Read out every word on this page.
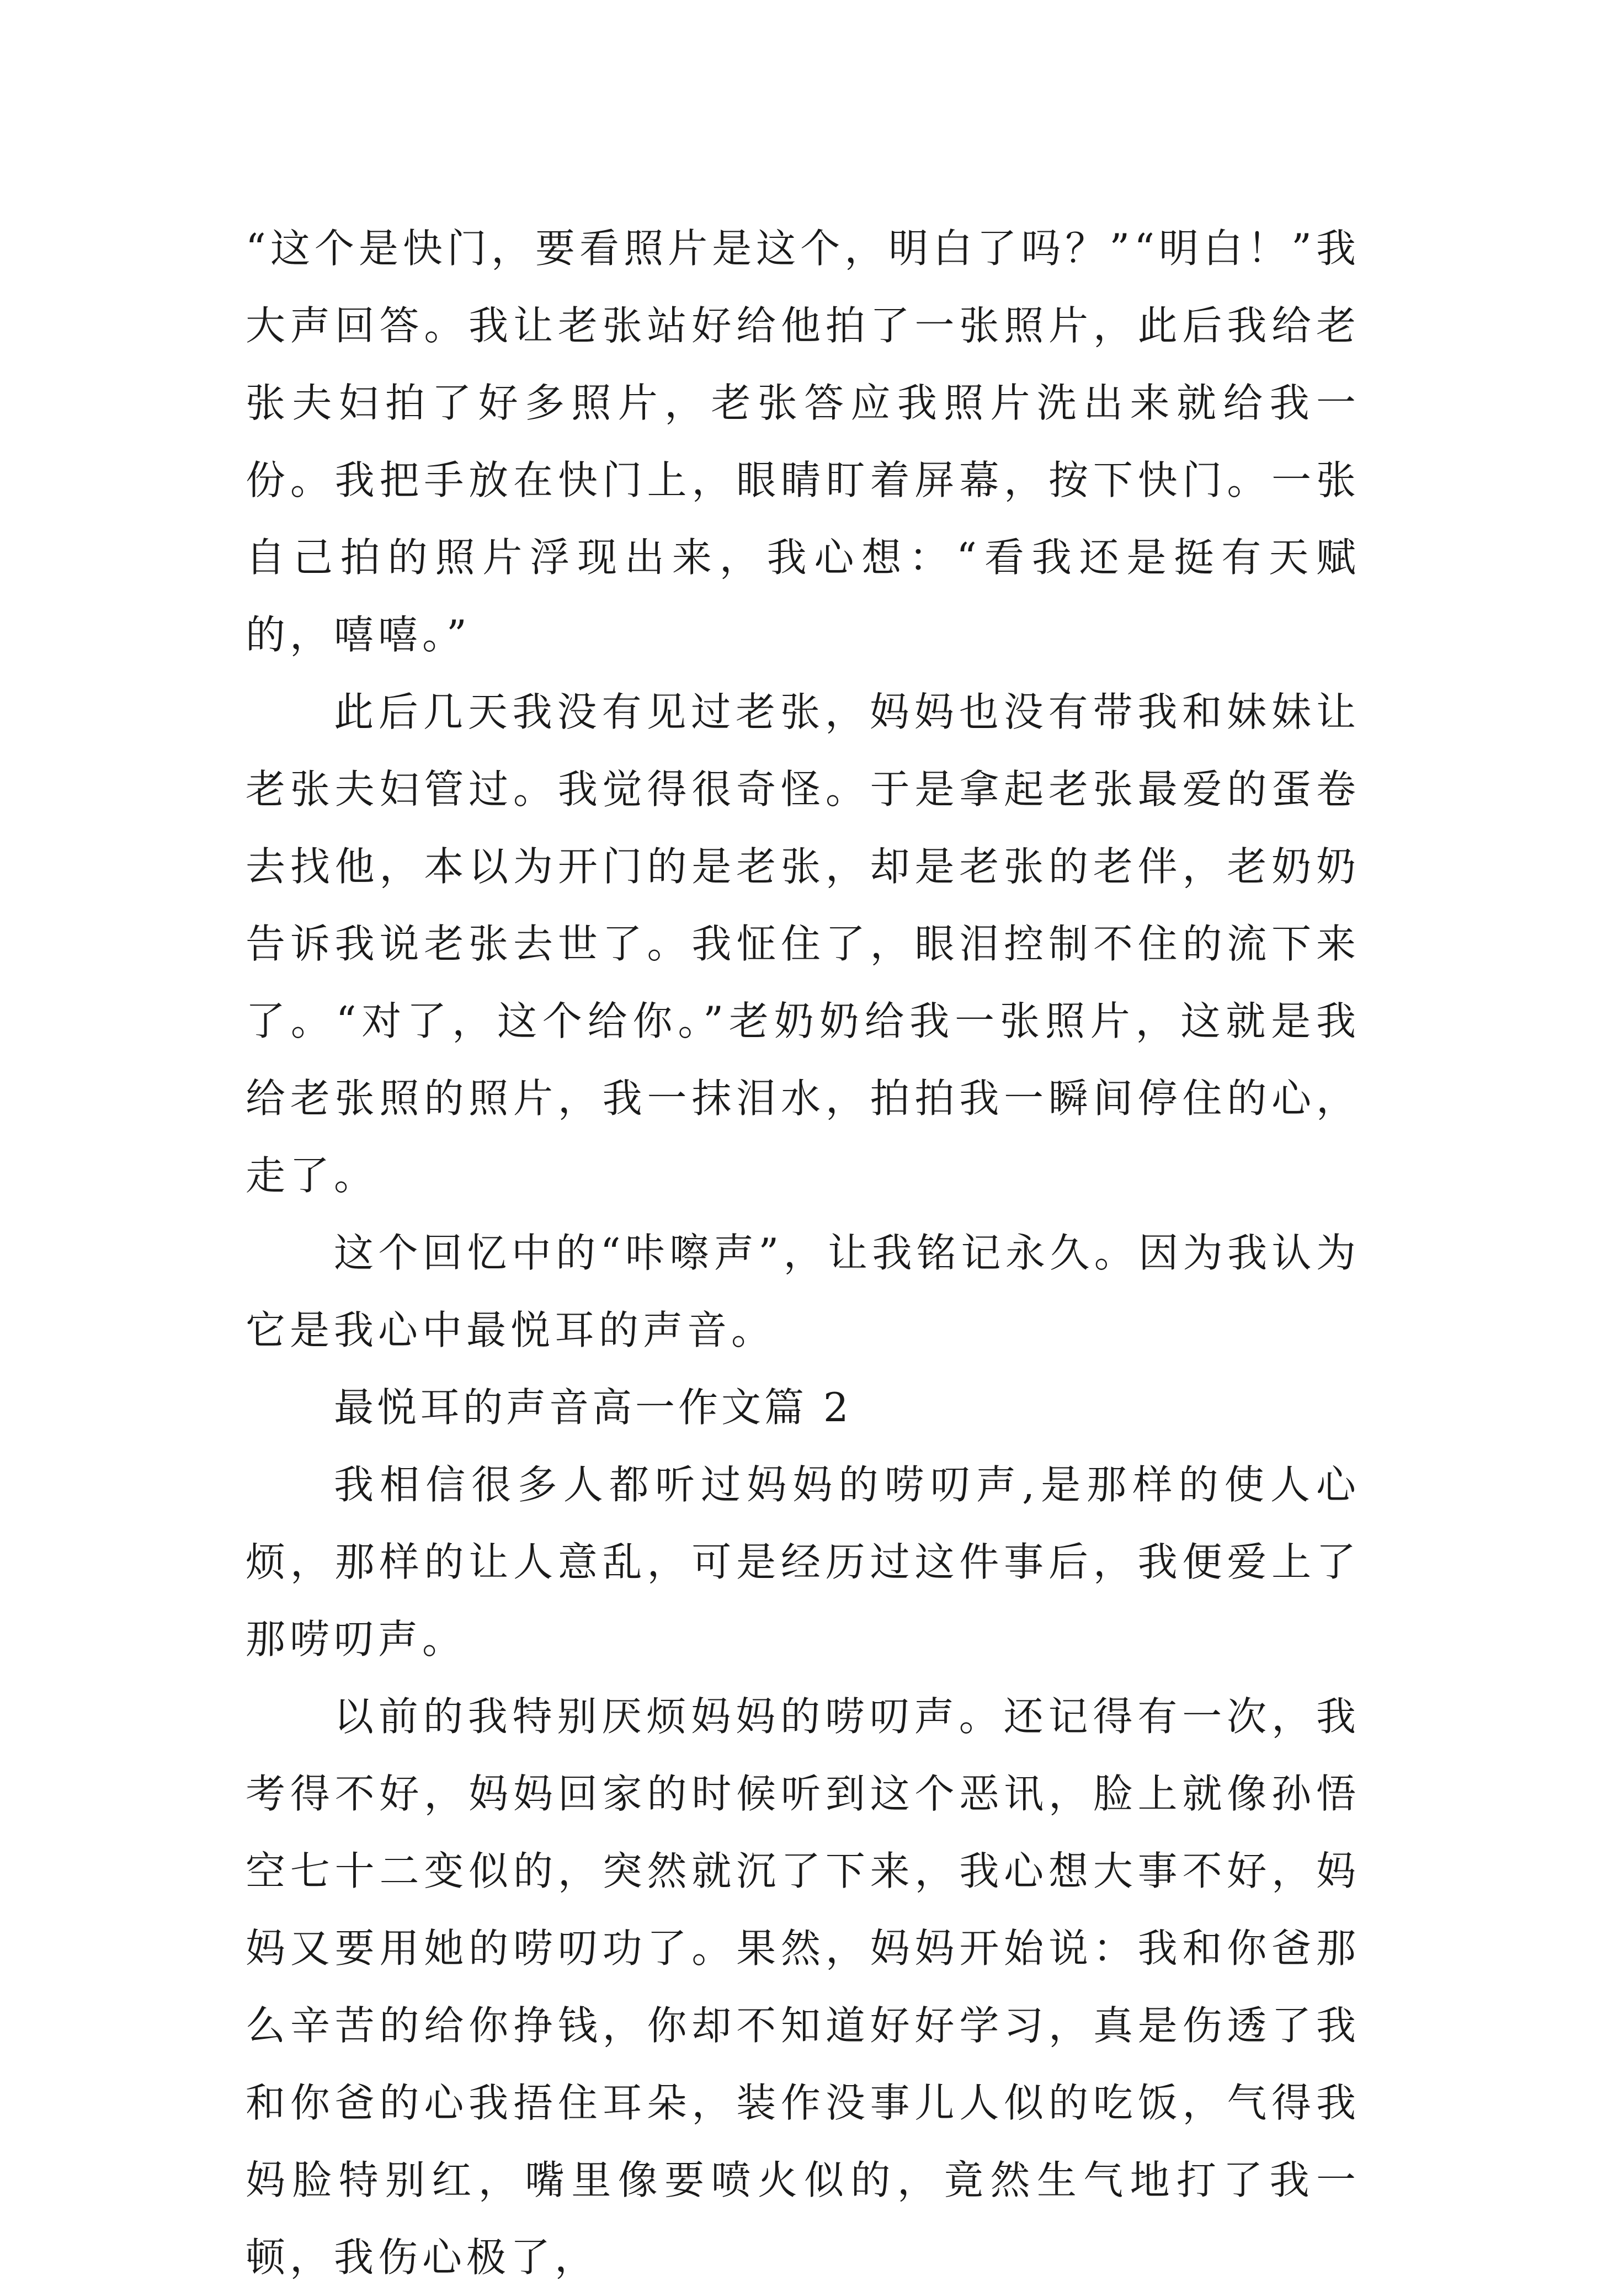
“这个是快门，要看照片是这个，明白了吗？”“明白！”我大声回答。我让老张站好给他拍了一张照片，此后我给老张夫妇拍了好多照片，老张答应我照片洗出来就给我一份。我把手放在快门上，眼睛盯着屏幕，按下快门。一张自己拍的照片浮现出来，我心想：“看我还是挺有天赋的，嘻嘻。”

此后几天我没有见过老张，妈妈也没有带我和妹妹让老张夫妇管过。我觉得很奇怪。于是拿起老张最爱的蛋卷去找他，本以为开门的是老张，却是老张的老伴，老奶奶告诉我说老张去世了。我怔住了，眼泪控制不住的流下来了。“对了，这个给你。”老奶奶给我一张照片，这就是我给老张照的照片，我一抹泪水，拍拍我一瞬间停住的心，走了。

这个回忆中的“咔嚓声”，让我铭记永久。因为我认为它是我心中最悦耳的声音。

最悦耳的声音高一作文篇 2

我相信很多人都听过妈妈的唠叨声,是那样的使人心烦，那样的让人意乱，可是经历过这件事后，我便爱上了那唠叨声。

以前的我特别厌烦妈妈的唠叨声。还记得有一次，我考得不好，妈妈回家的时候听到这个恶讯，脸上就像孙悟空七十二变似的，突然就沉了下来，我心想大事不好，妈妈又要用她的唠叨功了。果然，妈妈开始说：我和你爸那么辛苦的给你挣钱，你却不知道好好学习，真是伤透了我和你爸的心我捂住耳朵，装作没事儿人似的吃饭，气得我妈脸特别红，嘴里像要喷火似的，竟然生气地打了我一顿，我伤心极了，
